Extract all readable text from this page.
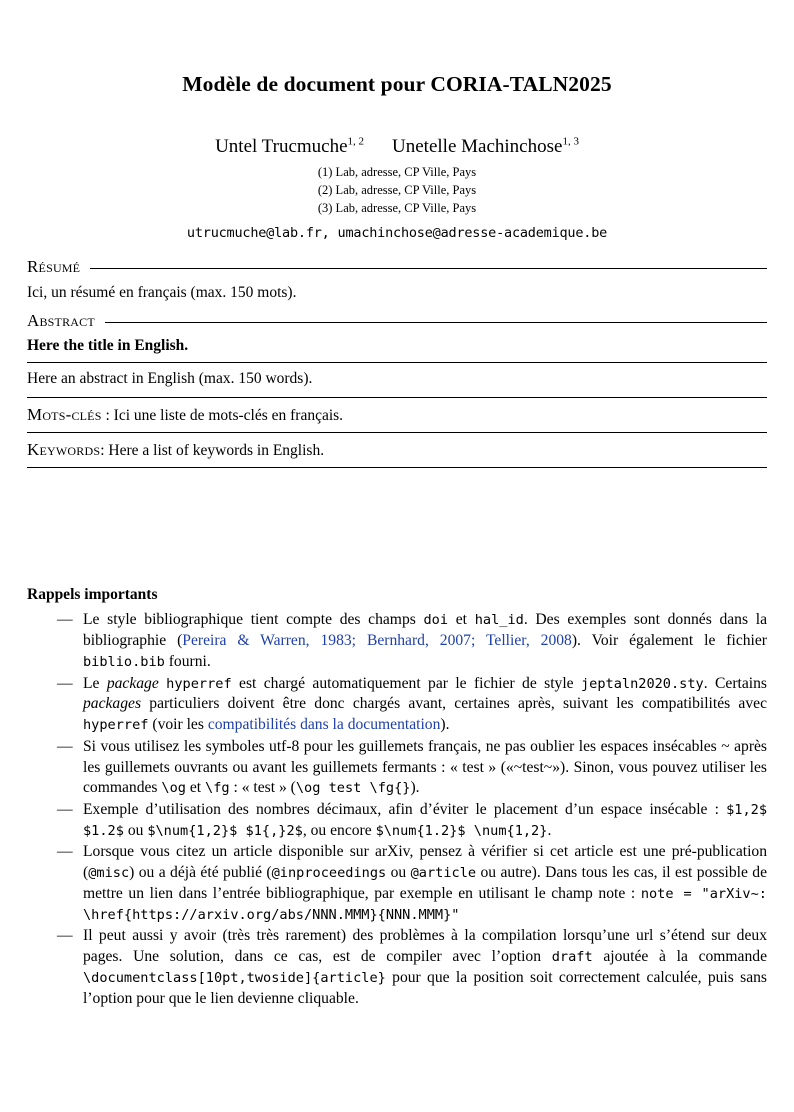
Modèle de document pour CORIA-TALN2025
Untel Trucmuche$^{1, 2}$ Unetelle Machinchose$^{1, 3}$
(1) Lab, adresse, CP Ville, Pays
(2) Lab, adresse, CP Ville, Pays
(3) Lab, adresse, CP Ville, Pays
utrucmuche@lab.fr, umachinchose@adresse-academique.be
Résumé
Ici, un résumé en français (max. 150 mots).
Abstract
Here the title in English.
Here an abstract in English (max. 150 words).
Mots-clés : Ici une liste de mots-clés en français.
Keywords: Here a list of keywords in English.
Rappels importants
— Le style bibliographique tient compte des champs doi et hal_id. Des exemples sont donnés dans la bibliographie (Pereira & Warren, 1983; Bernhard, 2007; Tellier, 2008). Voir également le fichier biblio.bib fourni.
— Le package hyperref est chargé automatiquement par le fichier de style jeptaln2020.sty. Certains packages particuliers doivent être donc chargés avant, certaines après, suivant les compatibilités avec hyperref (voir les compatibilités dans la documentation).
— Si vous utilisez les symboles utf-8 pour les guillemets français, ne pas oublier les espaces insécables ~ après les guillemets ouvrants ou avant les guillemets fermants : « test » («~test~»). Sinon, vous pouvez utiliser les commandes \og et \fg : « test » (\og test \fg{}).
— Exemple d’utilisation des nombres décimaux, afin d’éviter le placement d’un espace insécable : $1,2$ $1.2$ ou $\num{1,2}$ $1{,}2$, ou encore $\num{1.2}$ \num{1,2}.
— Lorsque vous citez un article disponible sur arXiv, pensez à vérifier si cet article est une pré-publication (@misc) ou a déjà été publié (@inproceedings ou @article ou autre). Dans tous les cas, il est possible de mettre un lien dans l’entrée bibliographique, par exemple en utilisant le champ note : note = "arXiv~: \href{https://arxiv.org/abs/NNN.MMM}{NNN.MMM}"
— Il peut aussi y avoir (très très rarement) des problèmes à la compilation lorsqu’une url s’étend sur deux pages. Une solution, dans ce cas, est de compiler avec l’option draft ajoutée à la commande \documentclass[10pt,twoside]{article} pour que la position soit correctement calculée, puis sans l’option pour que le lien devienne cliquable.
